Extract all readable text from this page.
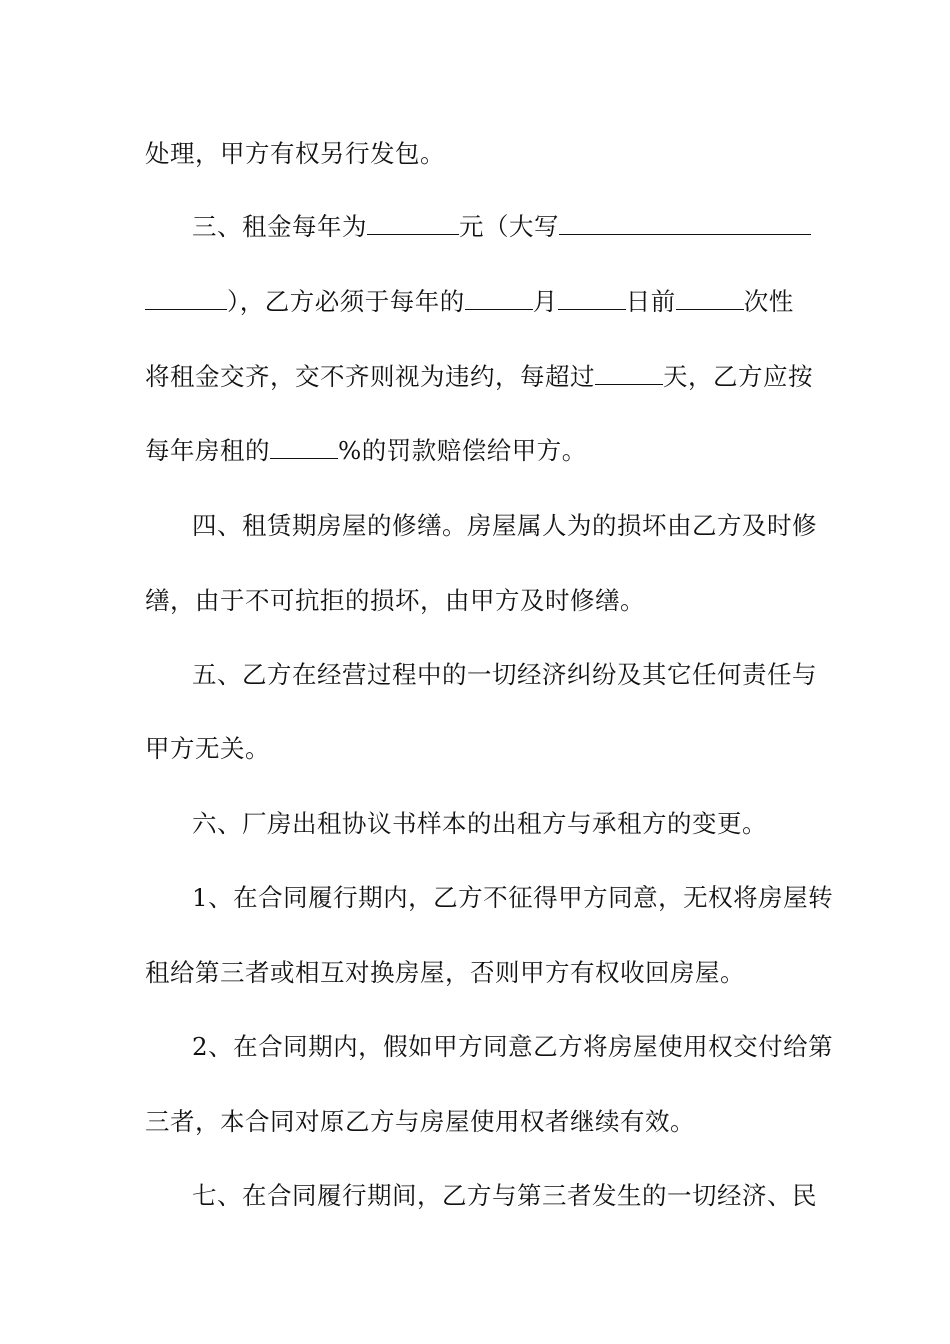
处理，甲方有权另行发包。
三、租金每年为	元（大写
），乙方必须于每年的	月	日前	次性
将租金交齐，交不齐则视为违约，每超过	天，乙方应按
每年房租的	%的罚款赔偿给甲方。
四、租赁期房屋的修缮。房屋属人为的损坏由乙方及时修
缮，由于不可抗拒的损坏，由甲方及时修缮。
五、乙方在经营过程中的一切经济纠纷及其它任何责任与
甲方无关。
六、厂房出租协议书样本的出租方与承租方的变更。
1、在合同履行期内，乙方不征得甲方同意，无权将房屋转
租给第三者或相互对换房屋，否则甲方有权收回房屋。
2、在合同期内，假如甲方同意乙方将房屋使用权交付给第
三者，本合同对原乙方与房屋使用权者继续有效。
七、在合同履行期间，乙方与第三者发生的一切经济、民
